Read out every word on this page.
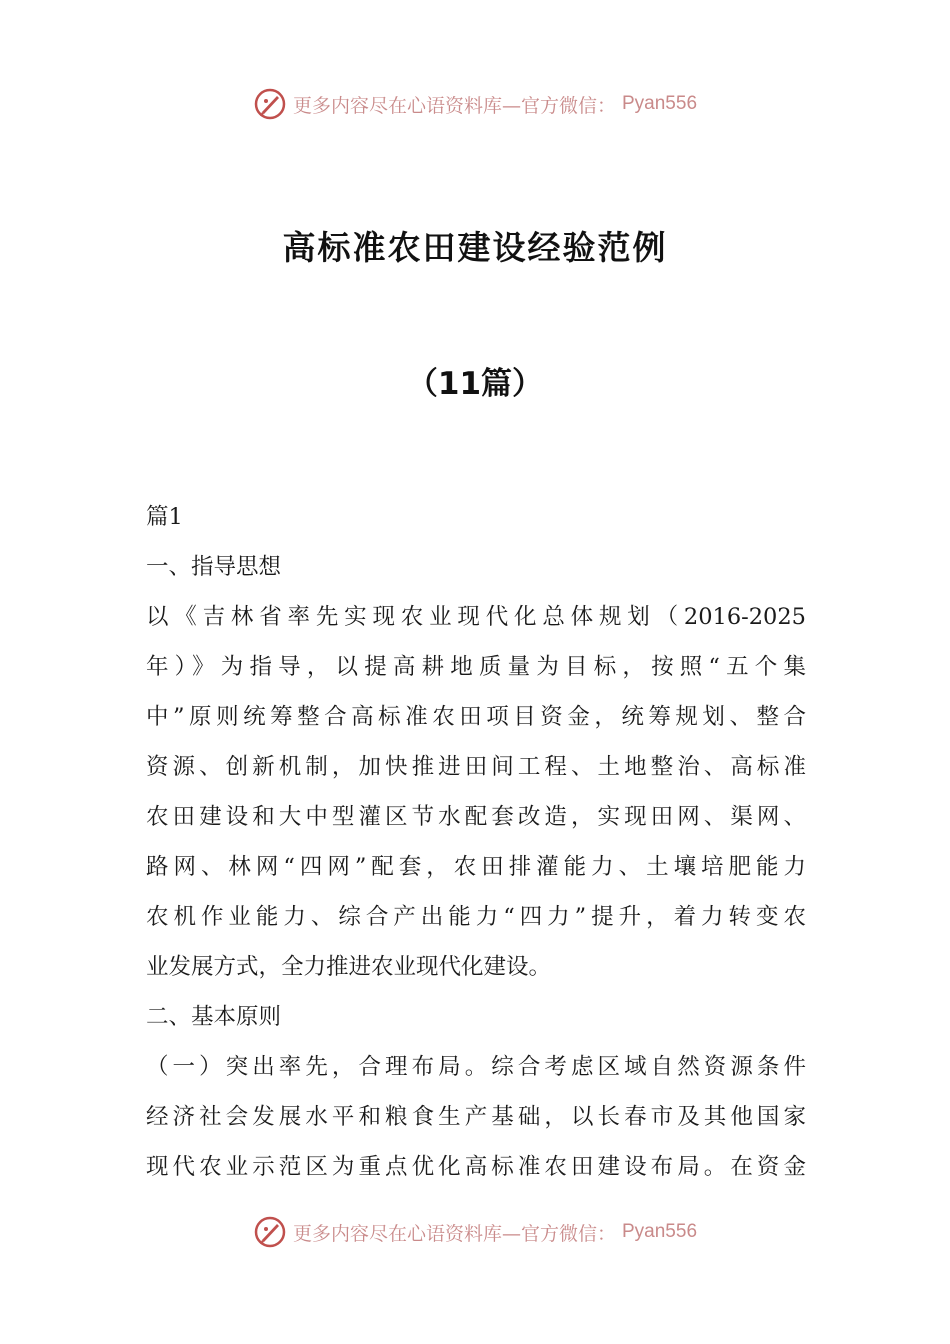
更多内容尽在心语资料库—官方微信： Pyan556
高标准农田建设经验范例
（11篇）
篇1
一、指导思想
以《吉林省率先实现农业现代化总体规划（2016-2025
年）》为指导，以提高耕地质量为目标，按照“五个集
中”原则统筹整合高标准农田项目资金，统筹规划、整合
资源、创新机制，加快推进田间工程、土地整治、高标准
农田建设和大中型灌区节水配套改造，实现田网、渠网、
路网、林网“四网”配套，农田排灌能力、土壤培肥能力
农机作业能力、综合产出能力“四力”提升，着力转变农
业发展方式，全力推进农业现代化建设。
二、基本原则
（一）突出率先，合理布局。综合考虑区域自然资源条件
经济社会发展水平和粮食生产基础，以长春市及其他国家
现代农业示范区为重点优化高标准农田建设布局。在资金
更多内容尽在心语资料库—官方微信： Pyan556
